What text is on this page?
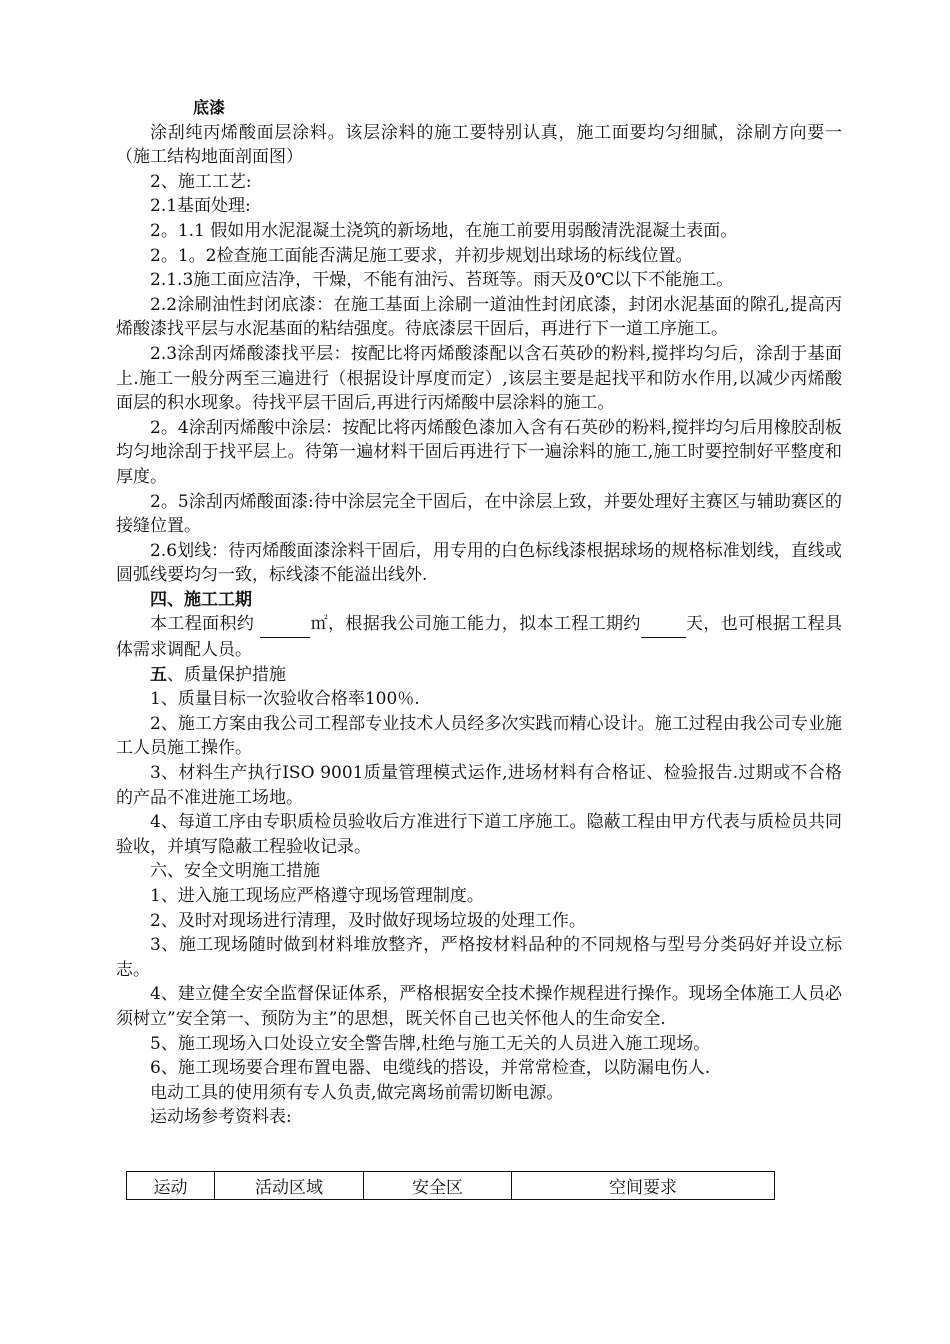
底漆

涂刮纯丙烯酸面层涂料。该层涂料的施工要特别认真，施工面要均匀细腻，涂刷方向要一（施工结构地面剖面图）

2、施工工艺:

2.1基面处理:

2。1.1 假如用水泥混凝土浇筑的新场地，在施工前要用弱酸清洗混凝土表面。

2。1。2检查施工面能否满足施工要求，并初步规划出球场的标线位置。

2.1.3施工面应洁净，干燥，不能有油污、苔斑等。雨天及0℃以下不能施工。

2.2涂刷油性封闭底漆：在施工基面上涂刷一道油性封闭底漆，封闭水泥基面的隙孔,提高丙烯酸漆找平层与水泥基面的粘结强度。待底漆层干固后，再进行下一道工序施工。

2.3涂刮丙烯酸漆找平层：按配比将丙烯酸漆配以含石英砂的粉料,搅拌均匀后，涂刮于基面上.施工一般分两至三遍进行（根据设计厚度而定）,该层主要是起找平和防水作用,以减少丙烯酸面层的积水现象。待找平层干固后,再进行丙烯酸中层涂料的施工。

2。4涂刮丙烯酸中涂层：按配比将丙烯酸色漆加入含有石英砂的粉料,搅拌均匀后用橡胶刮板均匀地涂刮于找平层上。待第一遍材料干固后再进行下一遍涂料的施工,施工时要控制好平整度和厚度。

2。5涂刮丙烯酸面漆:待中涂层完全干固后，在中涂层上致，并要处理好主赛区与辅助赛区的接缝位置。

2.6划线：待丙烯酸面漆涂料干固后，用专用的白色标线漆根据球场的规格标准划线，直线或圆弧线要均匀一致，标线漆不能溢出线外.

四、施工工期

本工程面积约	㎡，根据我公司施工能力，拟本工程工期约	天，也可根据工程具体需求调配人员。

五、质量保护措施

1、质量目标一次验收合格率100％.

2、施工方案由我公司工程部专业技术人员经多次实践而精心设计。施工过程由我公司专业施工人员施工操作。

3、材料生产执行ISO 9001质量管理模式运作,进场材料有合格证、检验报告.过期或不合格的产品不准进施工场地。

4、每道工序由专职质检员验收后方准进行下道工序施工。隐蔽工程由甲方代表与质检员共同验收，并填写隐蔽工程验收记录。

六、安全文明施工措施

1、进入施工现场应严格遵守现场管理制度。

2、及时对现场进行清理，及时做好现场垃圾的处理工作。

3、施工现场随时做到材料堆放整齐，严格按材料品种的不同规格与型号分类码好并设立标志。

4、建立健全安全监督保证体系，严格根据安全技术操作规程进行操作。现场全体施工人员必须树立”安全第一、预防为主”的思想，既关怀自己也关怀他人的生命安全.

5、施工现场入口处设立安全警告牌,杜绝与施工无关的人员进入施工现场。

6、施工现场要合理布置电器、电缆线的搭设，并常常检查，以防漏电伤人.

电动工具的使用须有专人负责,做完离场前需切断电源。

运动场参考资料表:

运动	活动区域	安全区	空间要求
